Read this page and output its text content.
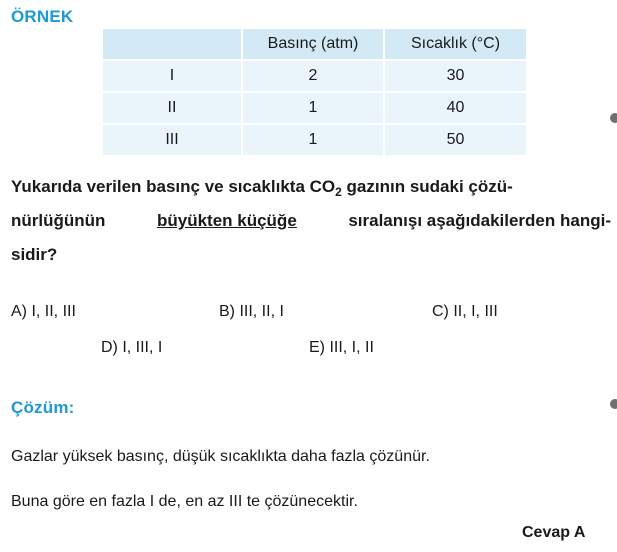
ÖRNEK
	Basınç (atm)	Sıcaklık (°C)
I	2	30
II	1	40
III	1	50
Yukarıda verilen basınç ve sıcaklıkta $CO_2$ gazının sudaki çözü-
nürlüğünün	büyükten küçüğe	sıralanışı aşağıdakilerden hangi-
sidir?
A) I, II, III	B) III, II, I	C) II, I, III
D) I, III, I	E) III, I, II
Çözüm:
Gazlar yüksek basınç, düşük sıcaklıkta daha fazla çözünür.
Buna göre en fazla I de, en az III te çözünecektir.
Cevap A
